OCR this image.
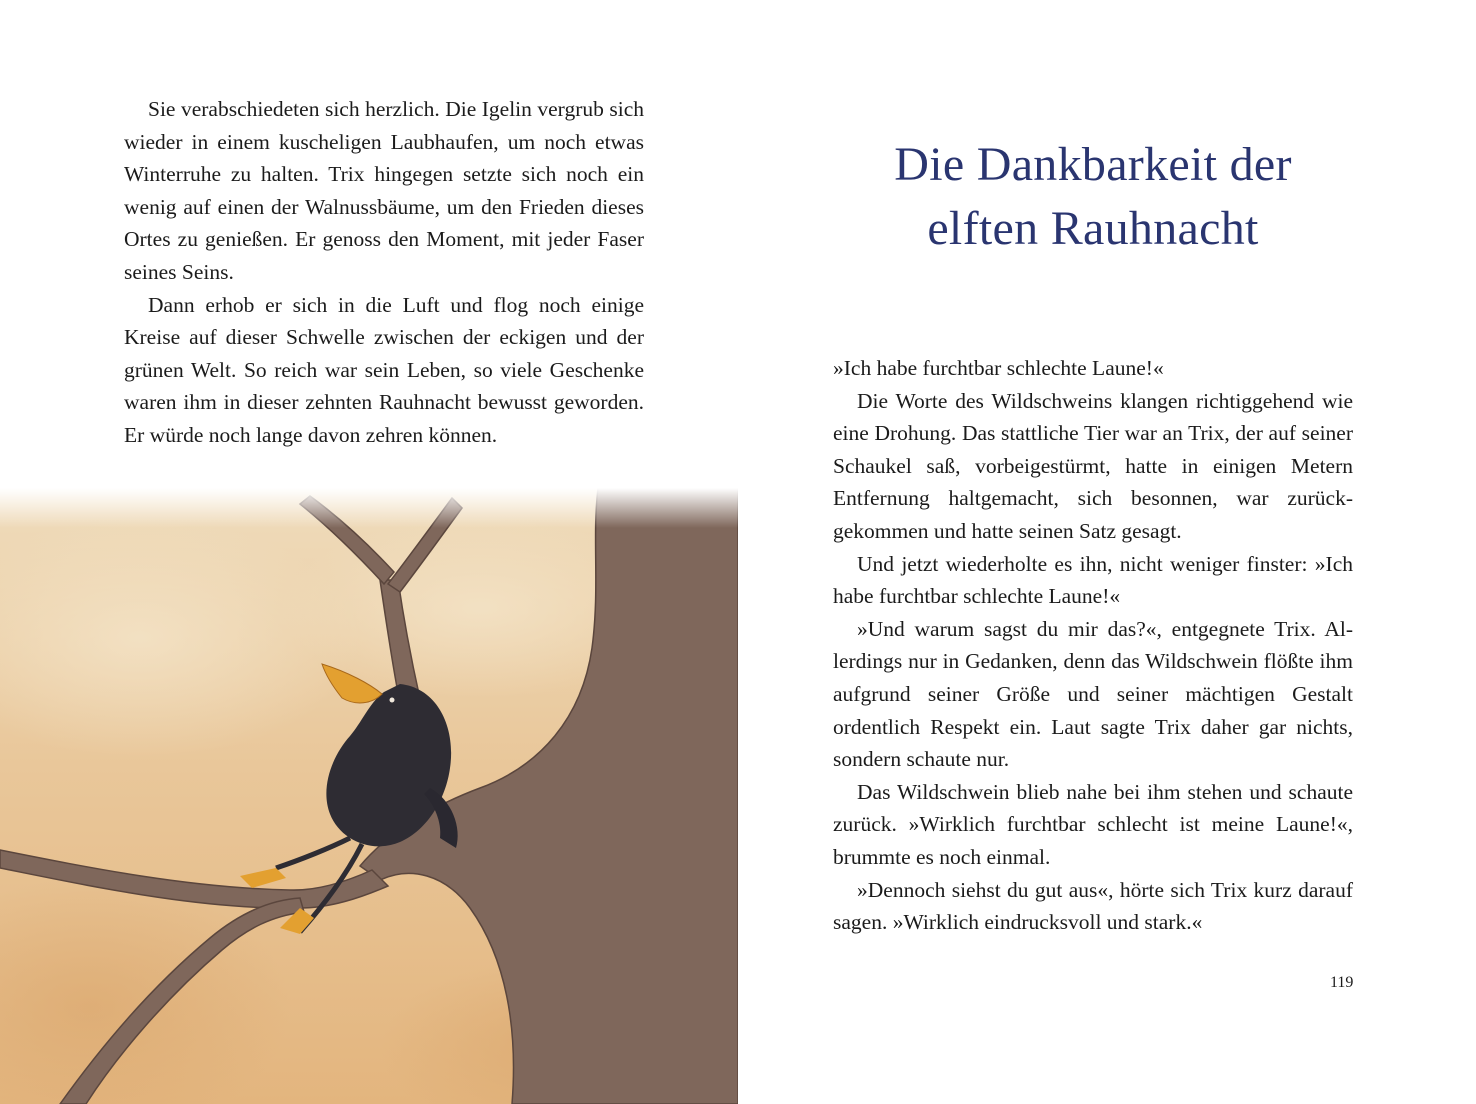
Sie verabschiedeten sich herzlich. Die Igelin vergrub sich wieder in einem kuscheligen Laubhaufen, um noch etwas Winterruhe zu halten. Trix hingegen setzte sich noch ein wenig auf einen der Walnussbäume, um den Frieden dieses Ortes zu genießen. Er genoss den Moment, mit jeder Faser seines Seins.

Dann erhob er sich in die Luft und flog noch einige Kreise auf dieser Schwelle zwischen der eckigen und der grünen Welt. So reich war sein Leben, so viele Geschenke waren ihm in dieser zehnten Rauhnacht bewusst geworden. Er würde noch lange davon zehren können.

Die Dankbarkeit der
elften Rauhnacht

»Ich habe furchtbar schlechte Laune!«

Die Worte des Wildschweins klangen richtiggehend wie eine Drohung. Das stattliche Tier war an Trix, der auf seiner Schaukel saß, vorbeigestürmt, hatte in einigen Metern Entfernung haltgemacht, sich besonnen, war zurückgekommen und hatte seinen Satz gesagt.

Und jetzt wiederholte es ihn, nicht weniger finster: »Ich habe furchtbar schlechte Laune!«

»Und warum sagst du mir das?«, entgegnete Trix. Allerdings nur in Gedanken, denn das Wildschwein flößte ihm aufgrund seiner Größe und seiner mächtigen Gestalt ordentlich Respekt ein. Laut sagte Trix daher gar nichts, sondern schaute nur.

Das Wildschwein blieb nahe bei ihm stehen und schaute zurück. »Wirklich furchtbar schlecht ist meine Laune!«, brummte es noch einmal.

»Dennoch siehst du gut aus«, hörte sich Trix kurz darauf sagen. »Wirklich eindrucksvoll und stark.«

119
